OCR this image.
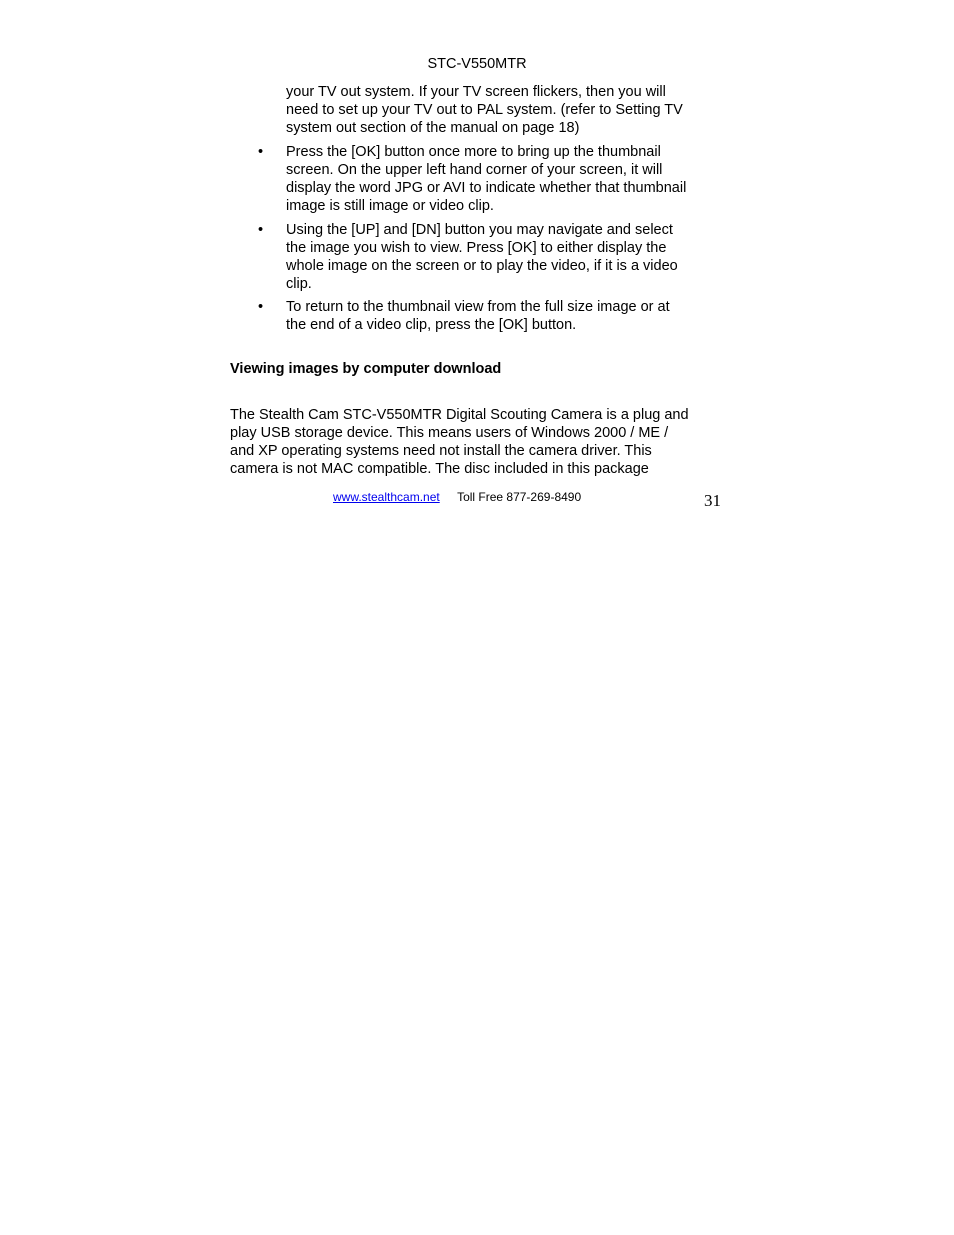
STC-V550MTR

your TV out system. If your TV screen flickers, then you will
need to set up your TV out to PAL system. (refer to Setting TV
system out section of the manual on page 18)

•	Press the [OK] button once more to bring up the thumbnail
screen. On the upper left hand corner of your screen, it will
display the word JPG or AVI to indicate whether that thumbnail
image is still image or video clip.
•	Using the [UP] and [DN] button you may navigate and select
the image you wish to view. Press [OK] to either display the
whole image on the screen or to play the video, if it is a video
clip.
•	To return to the thumbnail view from the full size image or at
the end of a video clip, press the [OK] button.
Viewing images by computer download

The Stealth Cam STC-V550MTR Digital Scouting Camera is a plug and
play USB storage device. This means users of Windows 2000 / ME /
and XP operating systems need not install the camera driver. This
camera is not MAC compatible. The disc included in this package

www.stealthcam.net Toll Free 877-269-8490	31
